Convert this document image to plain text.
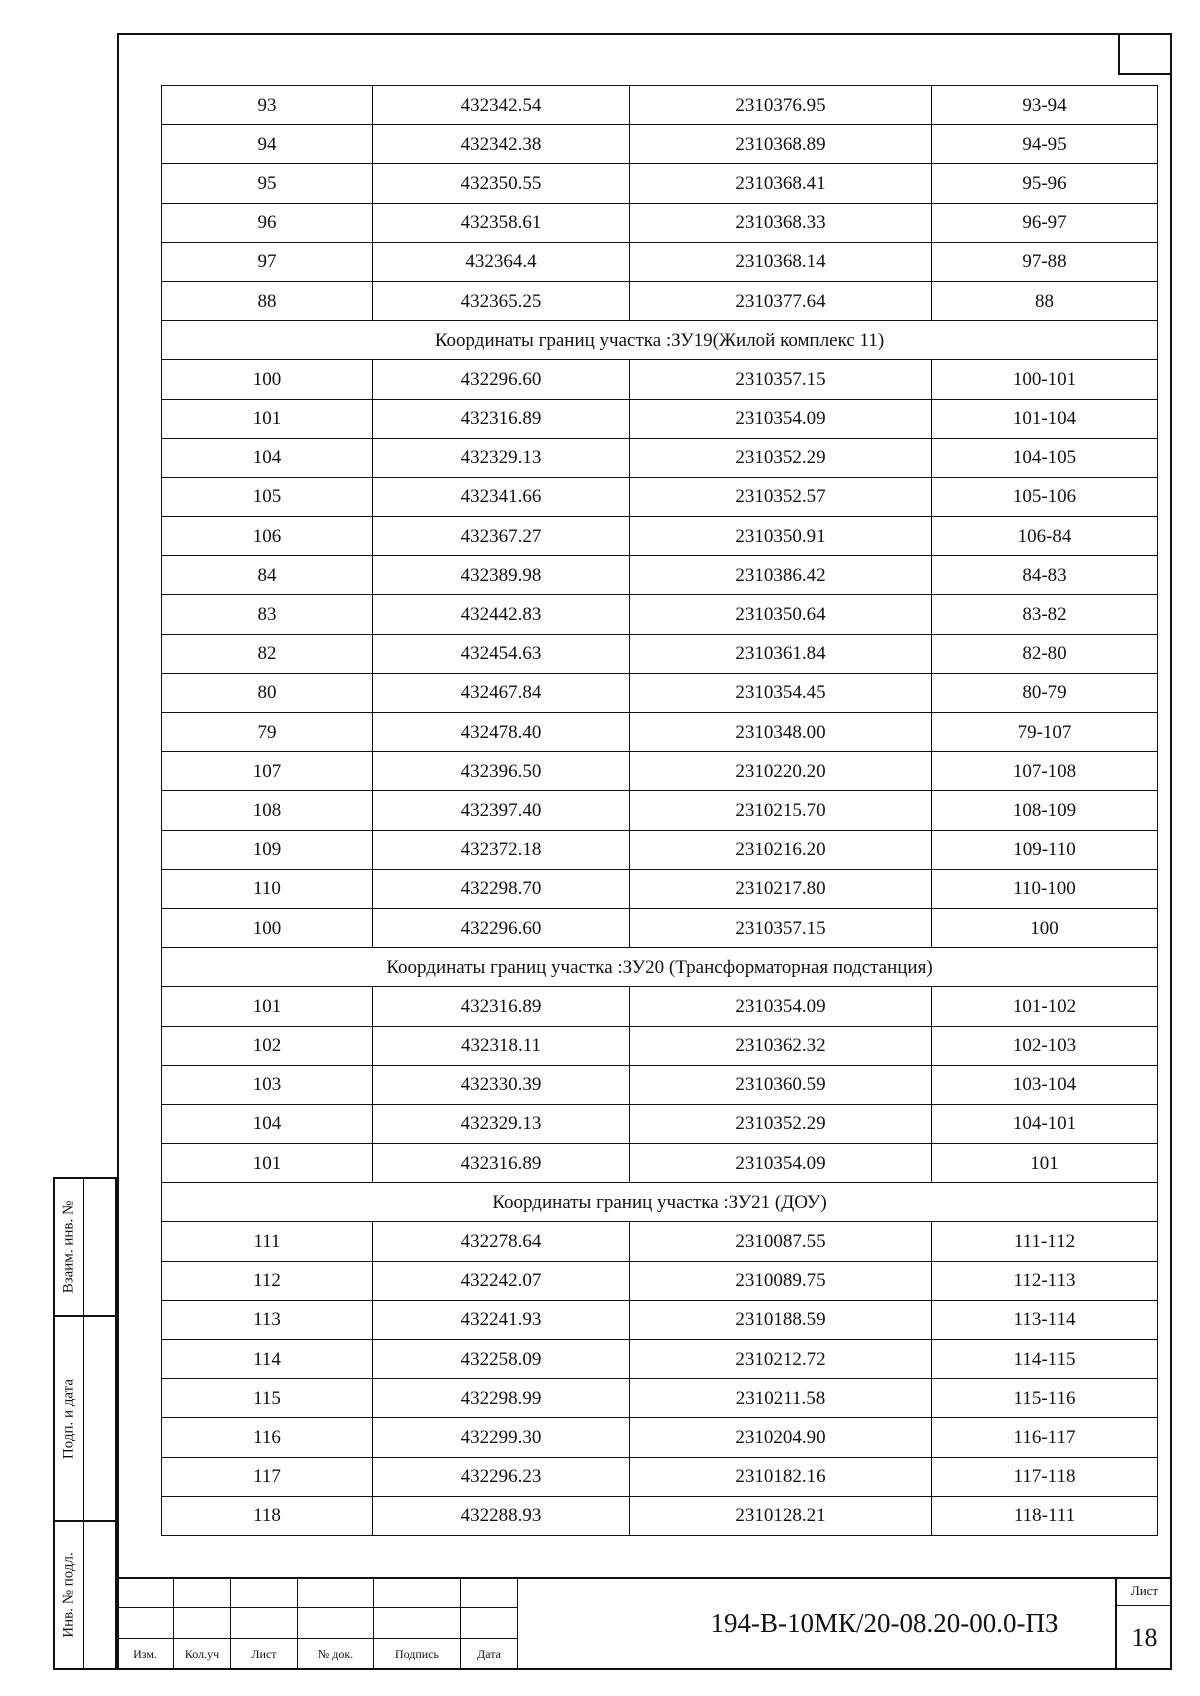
93	432342.54	2310376.95	93-94
94	432342.38	2310368.89	94-95
95	432350.55	2310368.41	95-96
96	432358.61	2310368.33	96-97
97	432364.4	2310368.14	97-88
88	432365.25	2310377.64	88
Координаты границ участка :ЗУ19(Жилой комплекс 11)			
100	432296.60	2310357.15	100-101
101	432316.89	2310354.09	101-104
104	432329.13	2310352.29	104-105
105	432341.66	2310352.57	105-106
106	432367.27	2310350.91	106-84
84	432389.98	2310386.42	84-83
83	432442.83	2310350.64	83-82
82	432454.63	2310361.84	82-80
80	432467.84	2310354.45	80-79
79	432478.40	2310348.00	79-107
107	432396.50	2310220.20	107-108
108	432397.40	2310215.70	108-109
109	432372.18	2310216.20	109-110
110	432298.70	2310217.80	110-100
100	432296.60	2310357.15	100
Координаты границ участка :ЗУ20 (Трансформаторная подстанция)			
101	432316.89	2310354.09	101-102
102	432318.11	2310362.32	102-103
103	432330.39	2310360.59	103-104
104	432329.13	2310352.29	104-101
101	432316.89	2310354.09	101
Координаты границ участка :ЗУ21 (ДОУ)			
111	432278.64	2310087.55	111-112
112	432242.07	2310089.75	112-113
113	432241.93	2310188.59	113-114
114	432258.09	2310212.72	114-115
115	432298.99	2310211.58	115-116
116	432299.30	2310204.90	116-117
117	432296.23	2310182.16	117-118
118	432288.93	2310128.21	118-111
Взаим. инв. №
Подп. и дата
Инв. № подл.
Изм.	Кол.уч	Лист	№ док.	Подпись	Дата
194-В-10МК/20-08.20-00.0-ПЗ
Лист
18
